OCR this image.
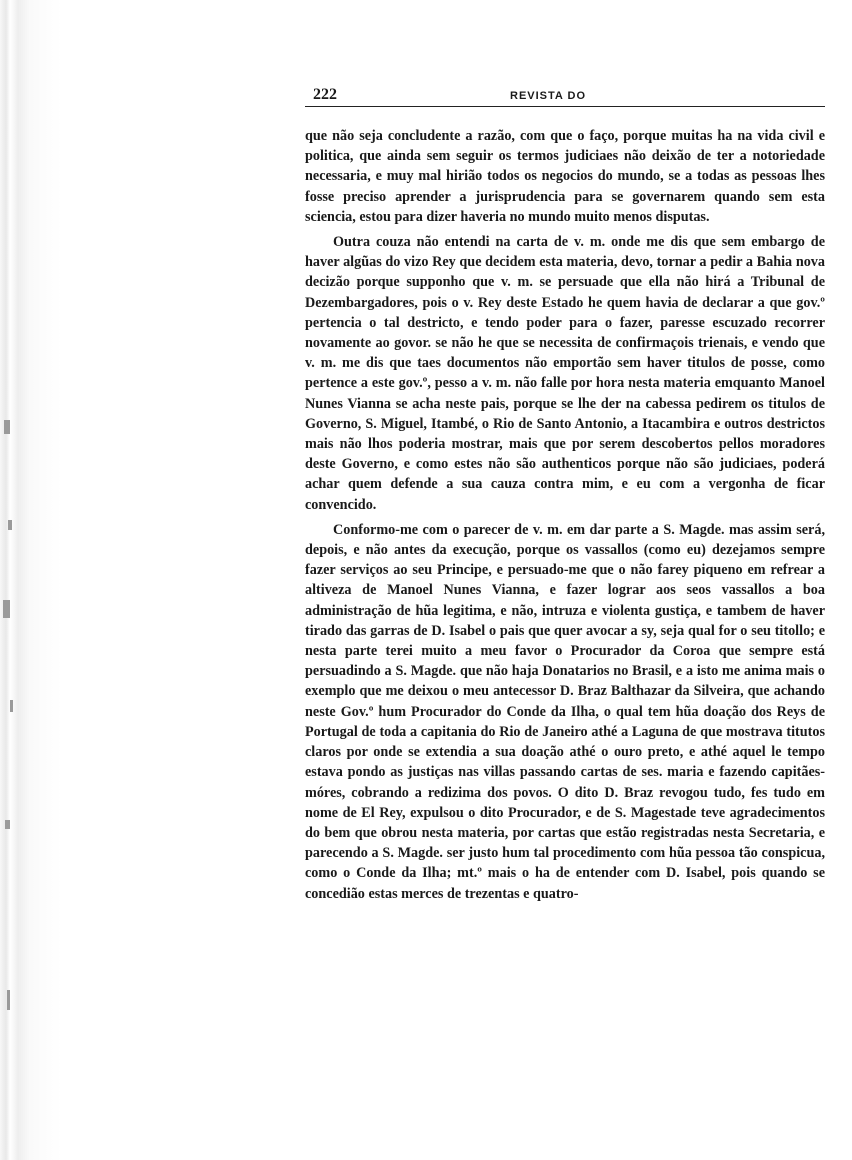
222	REVISTA DO

que não seja concludente a razão, com que o faço, porque muitas ha na vida civil e politica, que ainda sem seguir os termos judiciaes não deixão de ter a notoriedade necessaria, e muy mal hirião todos os negocios do mundo, se a todas as pessoas lhes fosse preciso aprender a jurisprudencia para se governarem quando sem esta sciencia, estou para dizer haveria no mundo muito menos disputas.

Outra couza não entendi na carta de v. m. onde me dis que sem embargo de haver algũas do vizo Rey que decidem esta materia, devo, tornar a pedir a Bahia nova decizão porque supponho que v. m. se persuade que ella não hirá a Tribunal de Dezembargadores, pois o v. Rey deste Estado he quem havia de declarar a que gov.º pertencia o tal destricto, e tendo poder para o fazer, paresse escuzado recorrer novamente ao govor. se não he que se necessita de confirmaçois trienais, e vendo que v. m. me dis que taes documentos não emportão sem haver titulos de posse, como pertence a este gov.º, pesso a v. m. não falle por hora nesta materia emquanto Manoel Nunes Vianna se acha neste pais, porque se lhe der na cabessa pedirem os titulos de Governo, S. Miguel, Itambé, o Rio de Santo Antonio, a Itacambira e outros destrictos mais não lhos poderia mostrar, mais que por serem descobertos pellos moradores deste Governo, e como estes não são authenticos porque não são judiciaes, poderá achar quem defende a sua cauza contra mim, e eu com a vergonha de ficar convencido.

Conformo-me com o parecer de v. m. em dar parte a S. Magde. mas assim será, depois, e não antes da execução, porque os vassallos (como eu) dezejamos sempre fazer serviços ao seu Principe, e persuado-me que o não farey piqueno em refrear a altiveza de Manoel Nunes Vianna, e fazer lograr aos seos vassallos a boa administração de hũa legitima, e não, intruza e violenta gustiça, e tambem de haver tirado das garras de D. Isabel o pais que quer avocar a sy, seja qual for o seu titollo; e nesta parte terei muito a meu favor o Procurador da Coroa que sempre está persuadindo a S. Magde. que não haja Donatarios no Brasil, e a isto me anima mais o exemplo que me deixou o meu antecessor D. Braz Balthazar da Silveira, que achando neste Gov.º hum Procurador do Conde da Ilha, o qual tem hũa doação dos Reys de Portugal de toda a capitania do Rio de Janeiro athé a Laguna de que mostrava titutos claros por onde se extendia a sua doação athé o ouro preto, e athé aquel le tempo estava pondo as justiças nas villas passando cartas de ses. maria e fazendo capitães-móres, cobrando a redizima dos povos. O dito D. Braz revogou tudo, fes tudo em nome de El Rey, expulsou o dito Procurador, e de S. Magestade teve agradecimentos do bem que obrou nesta materia, por cartas que estão registradas nesta Secretaria, e parecendo a S. Magde. ser justo hum tal procedimento com hũa pessoa tão conspicua, como o Conde da Ilha; mt.º mais o ha de entender com D. Isabel, pois quando se concedião estas merces de trezentas e quatro-
